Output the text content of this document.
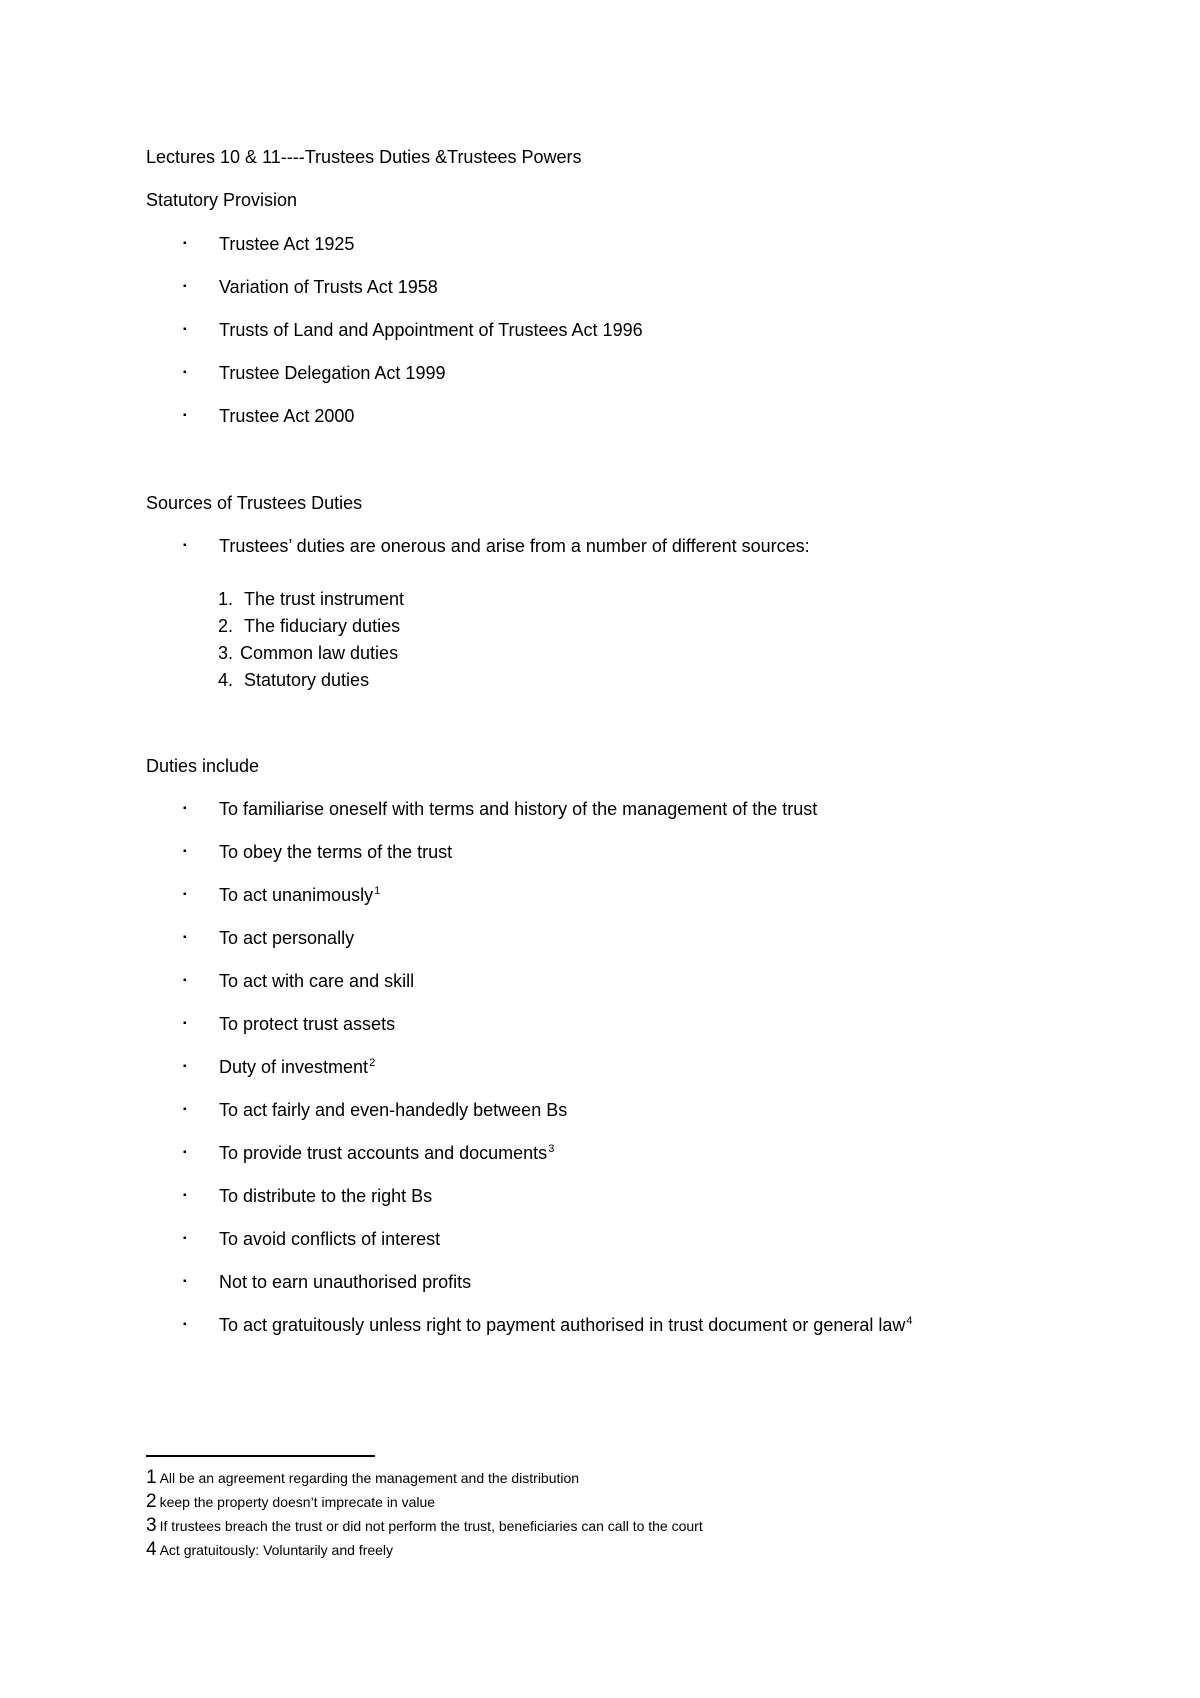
Lectures 10 & 11----Trustees Duties &Trustees Powers
Statutory Provision
▪ Trustee Act 1925
▪ Variation of Trusts Act 1958
▪ Trusts of Land and Appointment of Trustees Act 1996
▪ Trustee Delegation Act 1999
▪ Trustee Act 2000
Sources of Trustees Duties
▪ Trustees’ duties are onerous and arise from a number of different sources:
1. The trust instrument
2. The fiduciary duties
3. Common law duties
4. Statutory duties
Duties include
▪ To familiarise oneself with terms and history of the management of the trust
▪ To obey the terms of the trust
▪ To act unanimously$^1$
▪ To act personally
▪ To act with care and skill
▪ To protect trust assets
▪ Duty of investment$^2$
▪ To act fairly and even-handedly between Bs
▪ To provide trust accounts and documents$^3$
▪ To distribute to the right Bs
▪ To avoid conflicts of interest
▪ Not to earn unauthorised profits
▪ To act gratuitously unless right to payment authorised in trust document or general law$^4$
1 All be an agreement regarding the management and the distribution
2 keep the property doesn’t imprecate in value
3 If trustees breach the trust or did not perform the trust, beneficiaries can call to the court
4 Act gratuitously: Voluntarily and freely
